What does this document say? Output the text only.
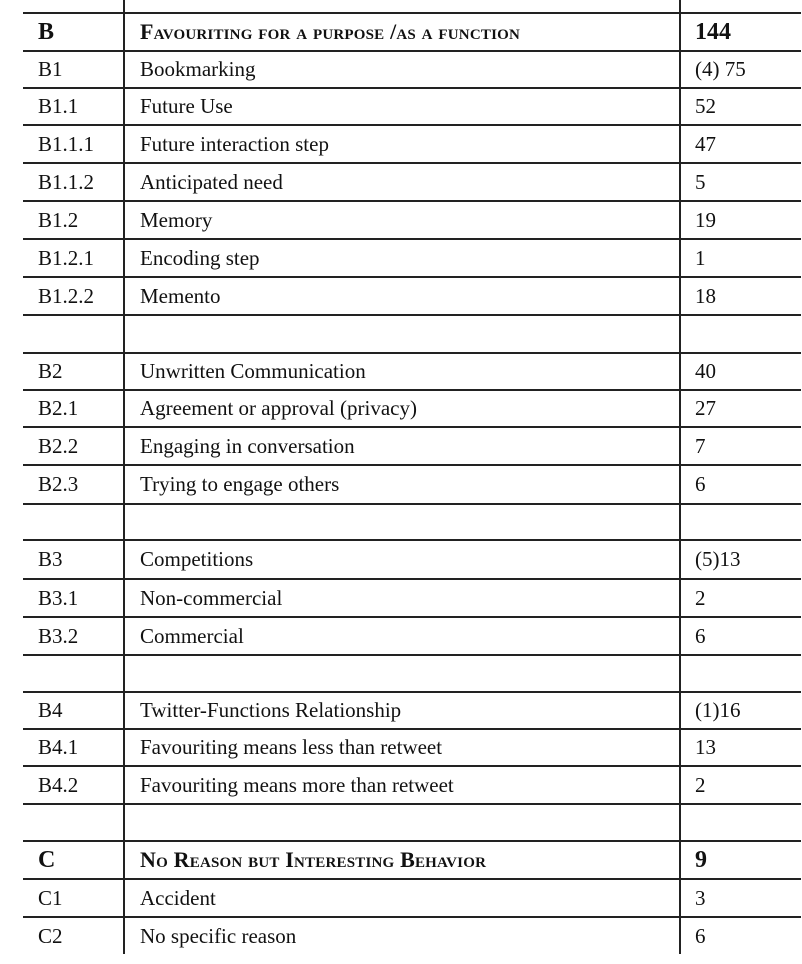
B	Favouriting for a purpose /as a function	144
B1	Bookmarking	(4) 75
B1.1	Future Use	52
B1.1.1 Future interaction step	47
B1.1.2 Anticipated need	5
B1.2	Memory	19
B1.2.1 Encoding step	1
B1.2.2 Memento	18
B2	Unwritten Communication	40
B2.1	Agreement or approval (privacy)	27
B2.2	Engaging in conversation	7
B2.3	Trying to engage others	6
B3	Competitions	(5)13
B3.1	Non-commercial	2
B3.2	Commercial	6
B4	Twitter-Functions Relationship	(1)16
B4.1	Favouriting means less than retweet	13
B4.2	Favouriting means more than retweet	2
C	No Reason but Interesting Behavior	9
C1	Accident	3
C2	No specific reason	6
